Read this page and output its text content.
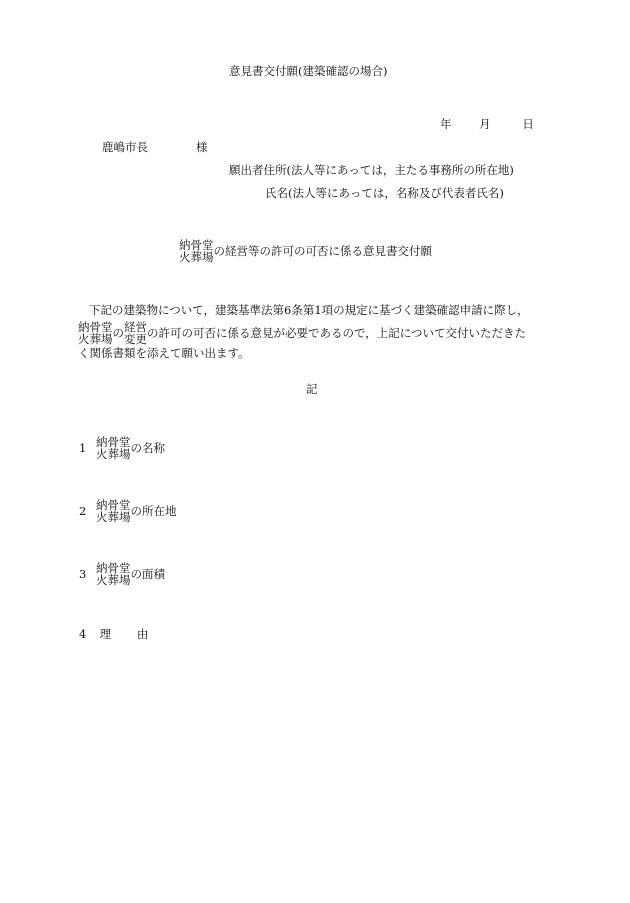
意見書交付願(建築確認の場合)
年 月	日
鹿嶋市長	様
願出者住所(法人等にあっては，主たる事務所の所在地)
氏名(法人等にあっては，名称及び代表者氏名)
納骨堂
火葬場 の経営等の許可の可否に係る意見書交付願
下記の建築物について，建築基準法第6条第1項の規定に基づく建築確認申請に際し，
納骨堂
火葬場 の 経営
変更 の許可の可否に係る意見が必要であるので，上記について交付いただきた
く関係書類を添えて願い出ます。
記
1 納骨堂
火葬場 の名称
2 納骨堂
火葬場 の所在地
3 納骨堂
火葬場 の面積
4 理 由
